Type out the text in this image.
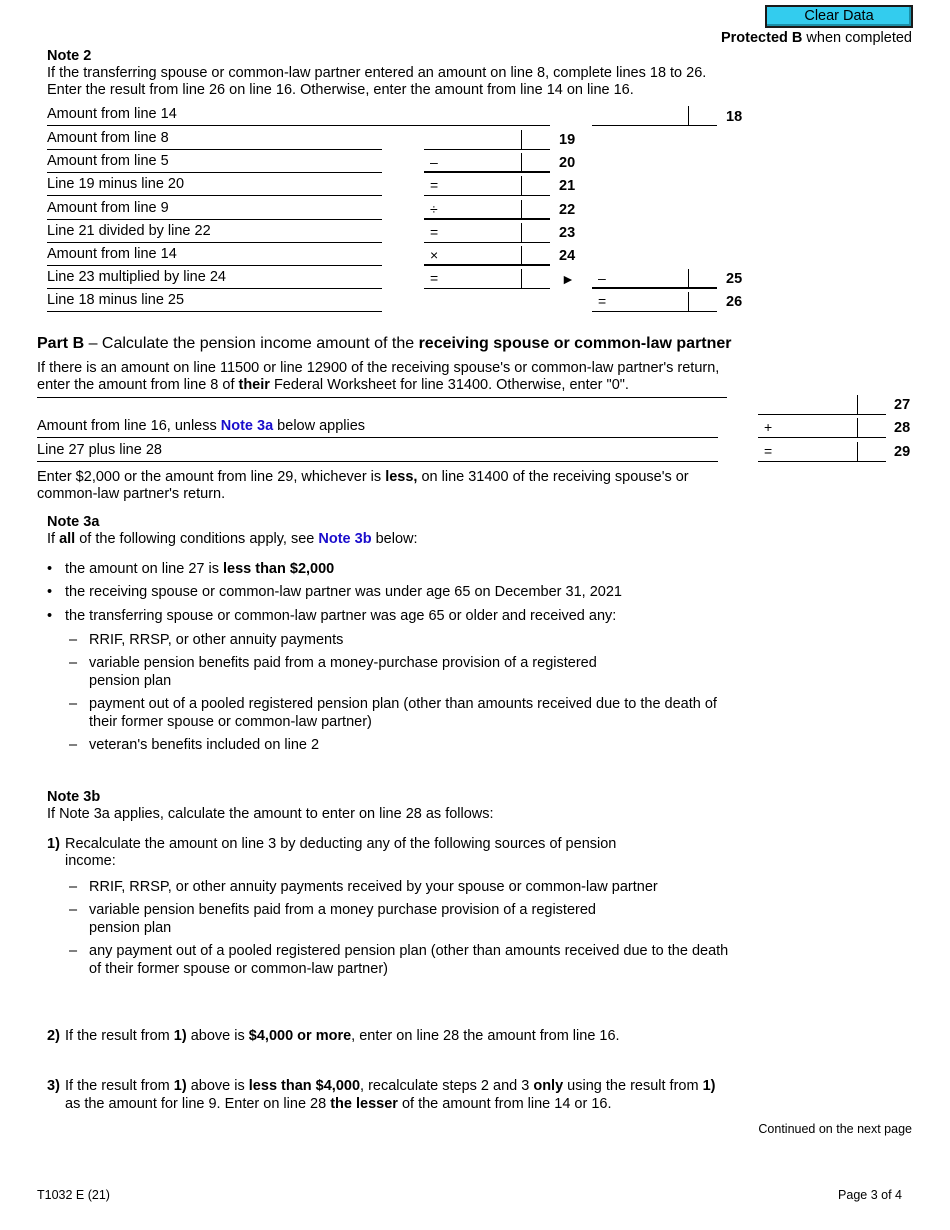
Clear Data
Protected B when completed
Note 2
If the transferring spouse or common-law partner entered an amount on line 8, complete lines 18 to 26. Enter the result from line 26 on line 16. Otherwise, enter the amount from line 14 on line 16.
Amount from line 14	18
Amount from line 8	19
Amount from line 5	–	20
Line 19 minus line 20	=	21
Amount from line 9	÷	22
Line 21 divided by line 22	=	23
Amount from line 14	×	24
Line 23 multiplied by line 24	=	► –	25
Line 18 minus line 25	=	26
Part B – Calculate the pension income amount of the receiving spouse or common-law partner
If there is an amount on line 11500 or line 12900 of the receiving spouse's or common-law partner's return, enter the amount from line 8 of their Federal Worksheet for line 31400. Otherwise, enter "0".
27
Amount from line 16, unless Note 3a below applies	+	28
Line 27 plus line 28	=	29
Enter $2,000 or the amount from line 29, whichever is less, on line 31400 of the receiving spouse's or common-law partner's return.
Note 3a
If all of the following conditions apply, see Note 3b below:
• the amount on line 27 is less than $2,000
• the receiving spouse or common-law partner was under age 65 on December 31, 2021
• the transferring spouse or common-law partner was age 65 or older and received any:
– RRIF, RRSP, or other annuity payments
– variable pension benefits paid from a money-purchase provision of a registered pension plan
– payment out of a pooled registered pension plan (other than amounts received due to the death of their former spouse or common-law partner)
– veteran's benefits included on line 2
Note 3b
If Note 3a applies, calculate the amount to enter on line 28 as follows:
1) Recalculate the amount on line 3 by deducting any of the following sources of pension income:
– RRIF, RRSP, or other annuity payments received by your spouse or common-law partner
– variable pension benefits paid from a money purchase provision of a registered pension plan
– any payment out of a pooled registered pension plan (other than amounts received due to the death of their former spouse or common-law partner)
2) If the result from 1) above is $4,000 or more, enter on line 28 the amount from line 16.
3) If the result from 1) above is less than $4,000, recalculate steps 2 and 3 only using the result from 1) as the amount for line 9. Enter on line 28 the lesser of the amount from line 14 or 16.
Continued on the next page
T1032 E (21)	Page 3 of 4
